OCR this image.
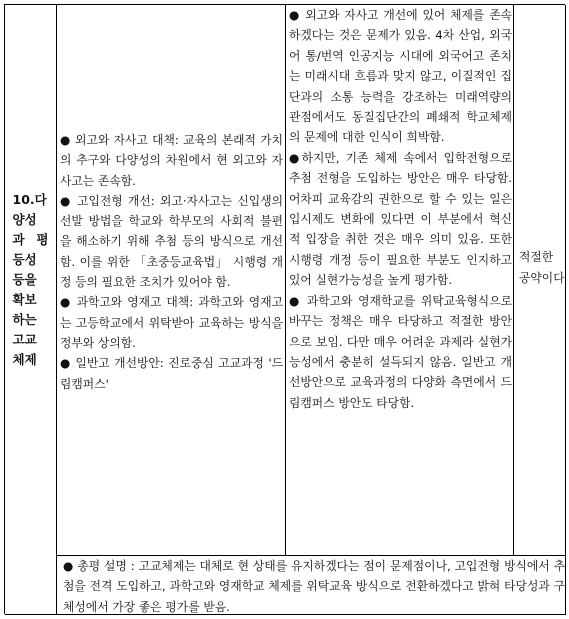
10.다양성과 평등성 등을 확보하는 고교체제

● 외고와 자사고 대책: 교육의 본래적 가치의 추구와 다양성의 차원에서 현 외고와 자사고는 존속함.

● 고입전형 개선: 외고·자사고는 신입생의 선발 방법을 학교와 학부모의 사회적 불편을 해소하기 위해 추첨 등의 방식으로 개선함. 이를 위한 「초중등교육법」 시행령 개정 등의 필요한 조치가 있어야 함.

● 과학고와 영재고 대책: 과학고와 영재고는 고등학교에서 위탁받아 교육하는 방식을 정부와 상의함.

● 일반고 개선방안: 진로중심 고교과정 '드림캠퍼스'

● 외고와 자사고 개선에 있어 체제를 존속하겠다는 것은 문제가 있음. 4차 산업, 외국어 통/번역 인공지능 시대에 외국어고 존치는 미래시대 흐름과 맞지 않고, 이질적인 집단과의 소통 능력을 강조하는 미래역량의 관점에서도 동질집단간의 폐쇄적 학교체제의 문제에 대한 인식이 희박함.

●하지만, 기존 체제 속에서 입학전형으로 추첨 전형을 도입하는 방안은 매우 타당함. 어차피 교육감의 권한으로 할 수 있는 일은 입시제도 변화에 있다면 이 부분에서 혁신적 입장을 취한 것은 매우 의미 있음. 또한 시행령 개정 등이 필요한 부분도 인지하고 있어 실현가능성을 높게 평가함.

● 과학고와 영재학교를 위탁교육형식으로 바꾸는 정책은 매우 타당하고 적절한 방안으로 보임. 다만 매우 어려운 과제라 실현가능성에서 충분히 설득되지 않음. 일반고 개선방안으로 교육과정의 다양화 측면에서 드림캠퍼스 방안도 타당함.

적절한 공약이다

● 총평 설명 : 고교체제는 대체로 현 상태를 유지하겠다는 점이 문제점이나, 고입전형 방식에서 추첨을 전격 도입하고, 과학고와 영재학교 체제를 위탁교육 방식으로 전환하겠다고 밝혀 타당성과 구체성에서 가장 좋은 평가를 받음.
